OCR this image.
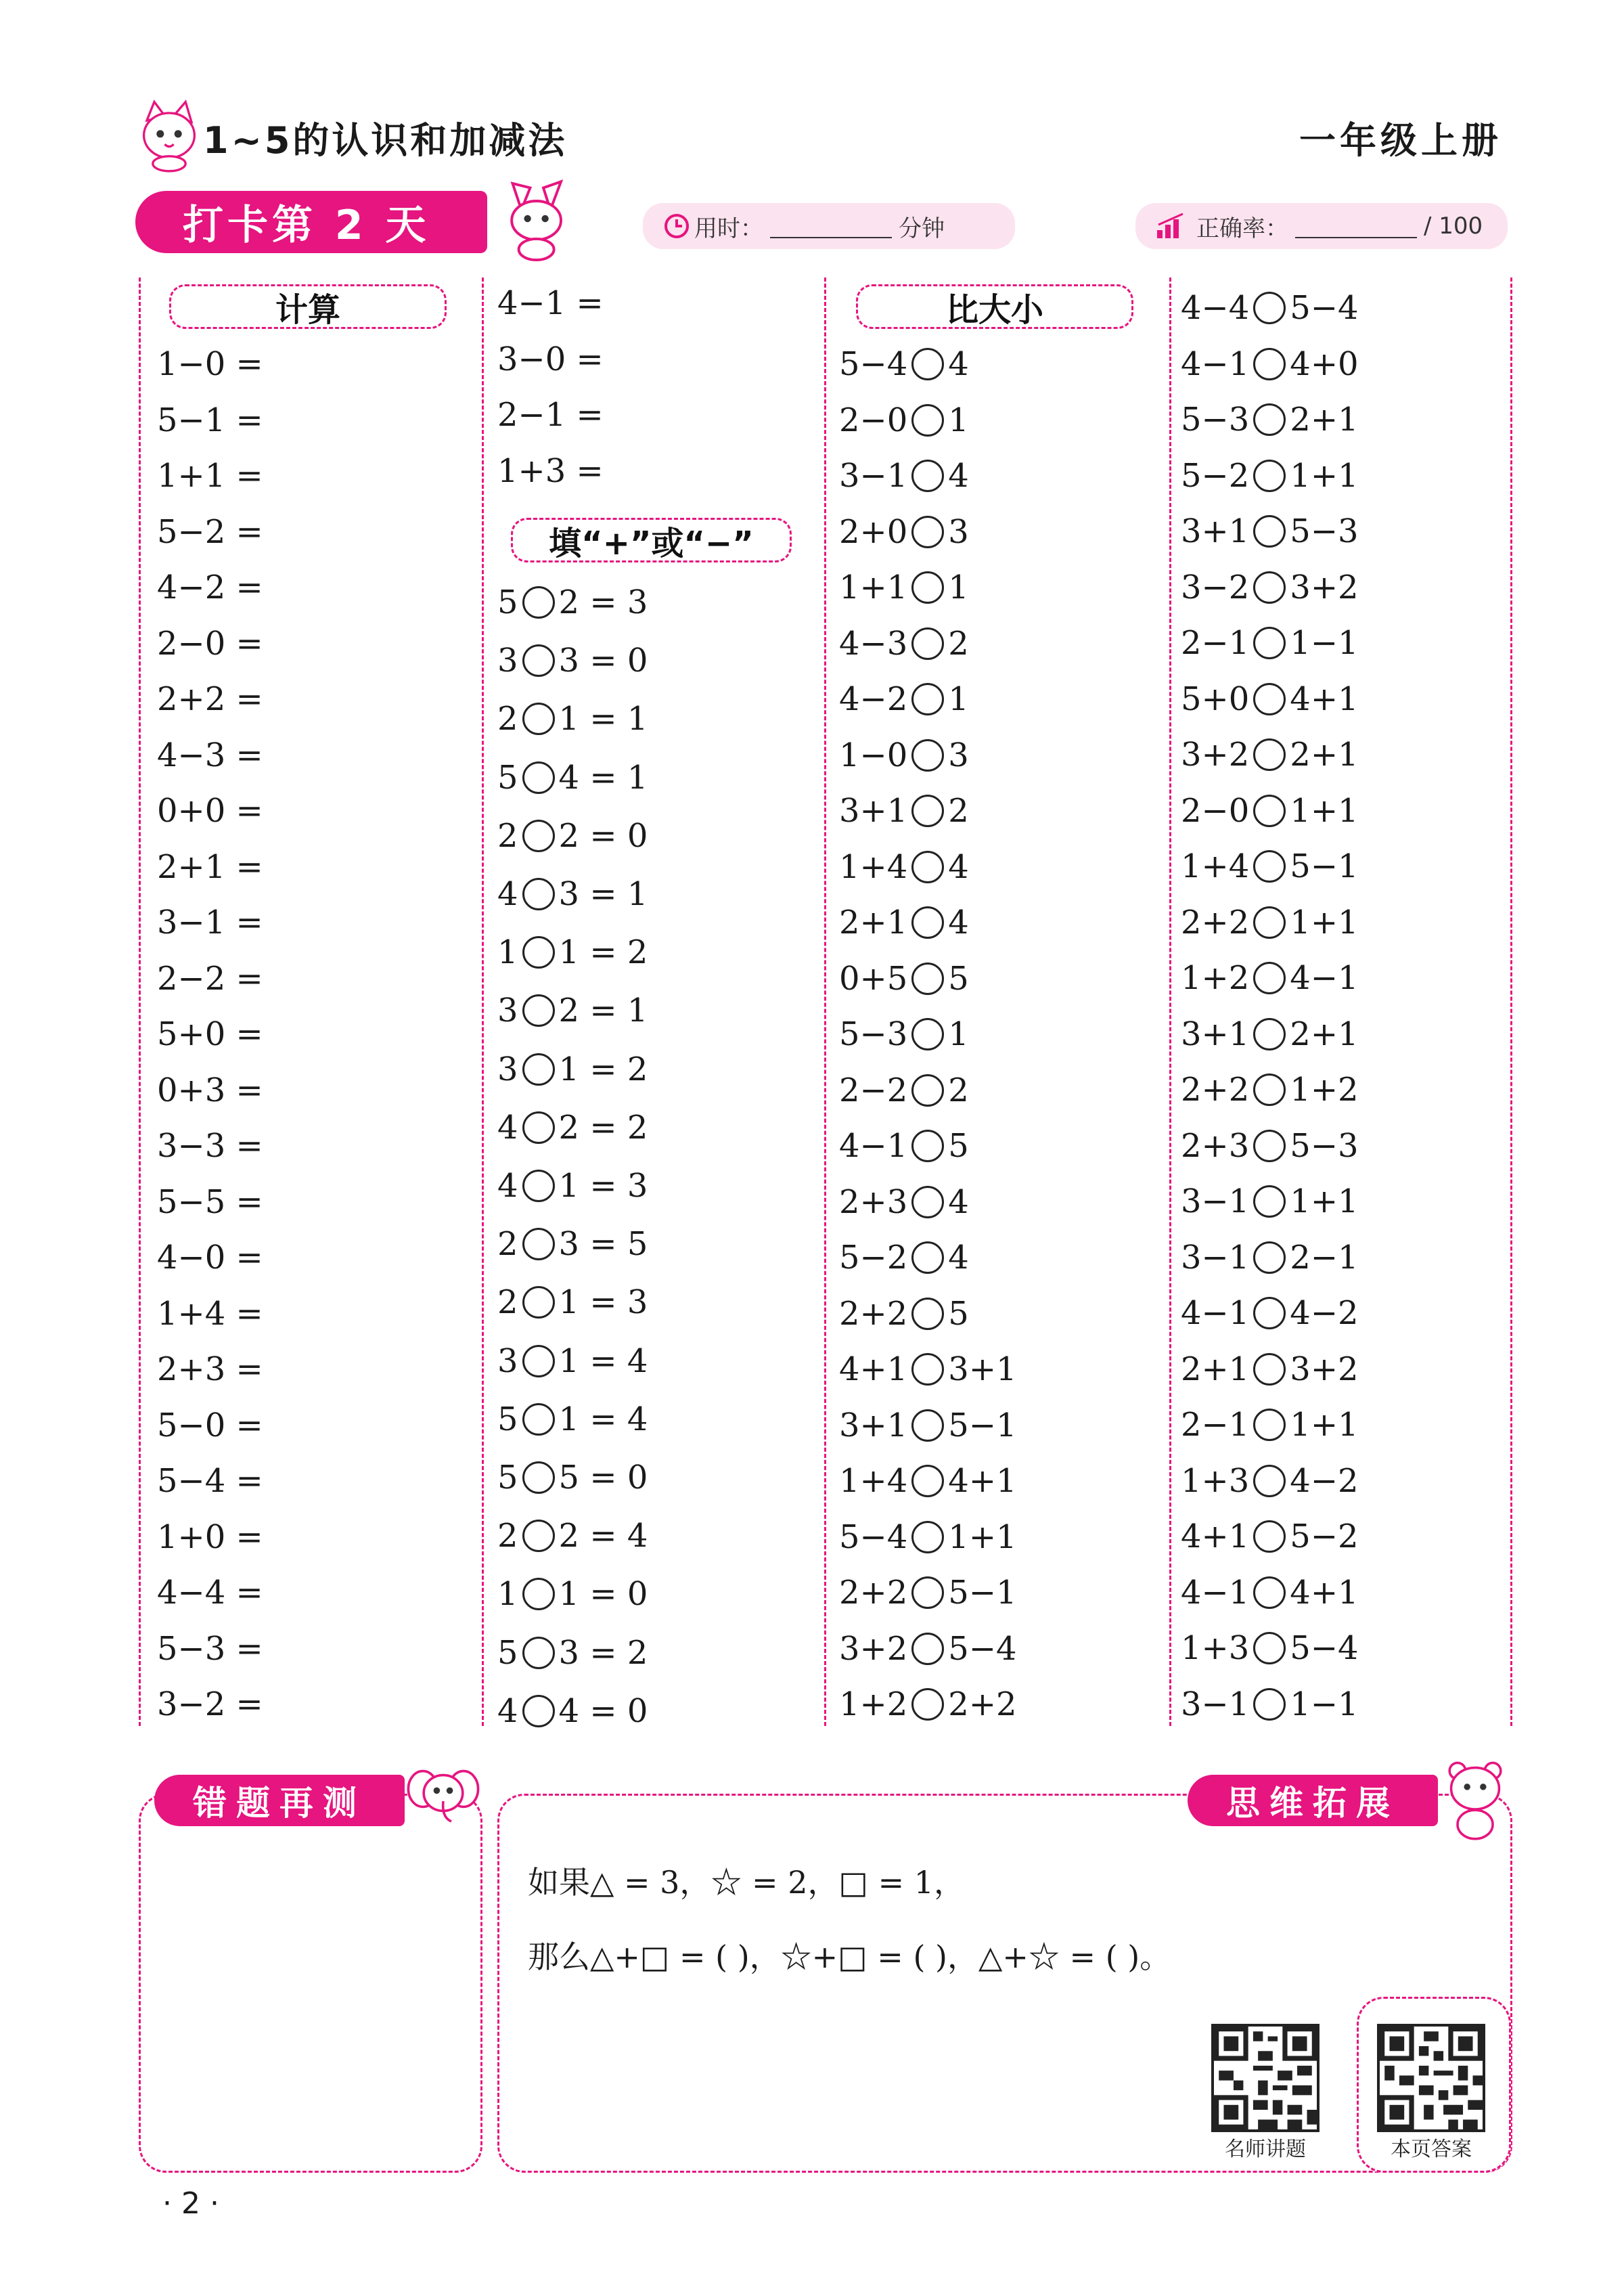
1~5的认识和加减法	一年级上册
打卡第 2 天	用时：	分钟	正确率：	/ 100
计算
填“+”或“−”
比大小
1−0 =
5−1 =
1+1 =
5−2 =
4−2 =
2−0 =
2+2 =
4−3 =
0+0 =
2+1 =
3−1 =
2−2 =
5+0 =
0+3 =
3−3 =
5−5 =
4−0 =
1+4 =
2+3 =
5−0 =
5−4 =
1+0 =
4−4 =
5−3 =
3−2 =
4−1 =
3−0 =
2−1 =
1+3 =
5 2 = 3
3 3 = 0
2 1 = 1
5 4 = 1
2 2 = 0
4 3 = 1
1 1 = 2
3 2 = 1
3 1 = 2
4 2 = 2
4 1 = 3
2 3 = 5
2 1 = 3
3 1 = 4
5 1 = 4
5 5 = 0
2 2 = 4
1 1 = 0
5 3 = 2
4 4 = 0
5−4 4
2−0 1
3−1 4
2+0 3
1+1 1
4−3 2
4−2 1
1−0 3
3+1 2
1+4 4
2+1 4
0+5 5
5−3 1
2−2 2
4−1 5
2+3 4
5−2 4
2+2 5
4+1 3+1
3+1 5−1
1+4 4+1
5−4 1+1
2+2 5−1
3+2 5−4
1+2 2+2
4−4 5−4
4−1 4+0
5−3 2+1
5−2 1+1
3+1 5−3
3−2 3+2
2−1 1−1
5+0 4+1
3+2 2+1
2−0 1+1
1+4 5−1
2+2 1+1
1+2 4−1
3+1 2+1
2+2 1+2
2+3 5−3
3−1 1+1
3−1 2−1
4−1 4−2
2+1 3+2
2−1 1+1
1+3 4−2
4+1 5−2
4−1 4+1
1+3 5−4
3−1 1−1
错题再测	思维拓展
如果△ = 3，☆ = 2，□ = 1，
那么△+□ = ( )，☆+□ = ( )，△+☆ = ( )。
名师讲题	本页答案
· 2 ·
